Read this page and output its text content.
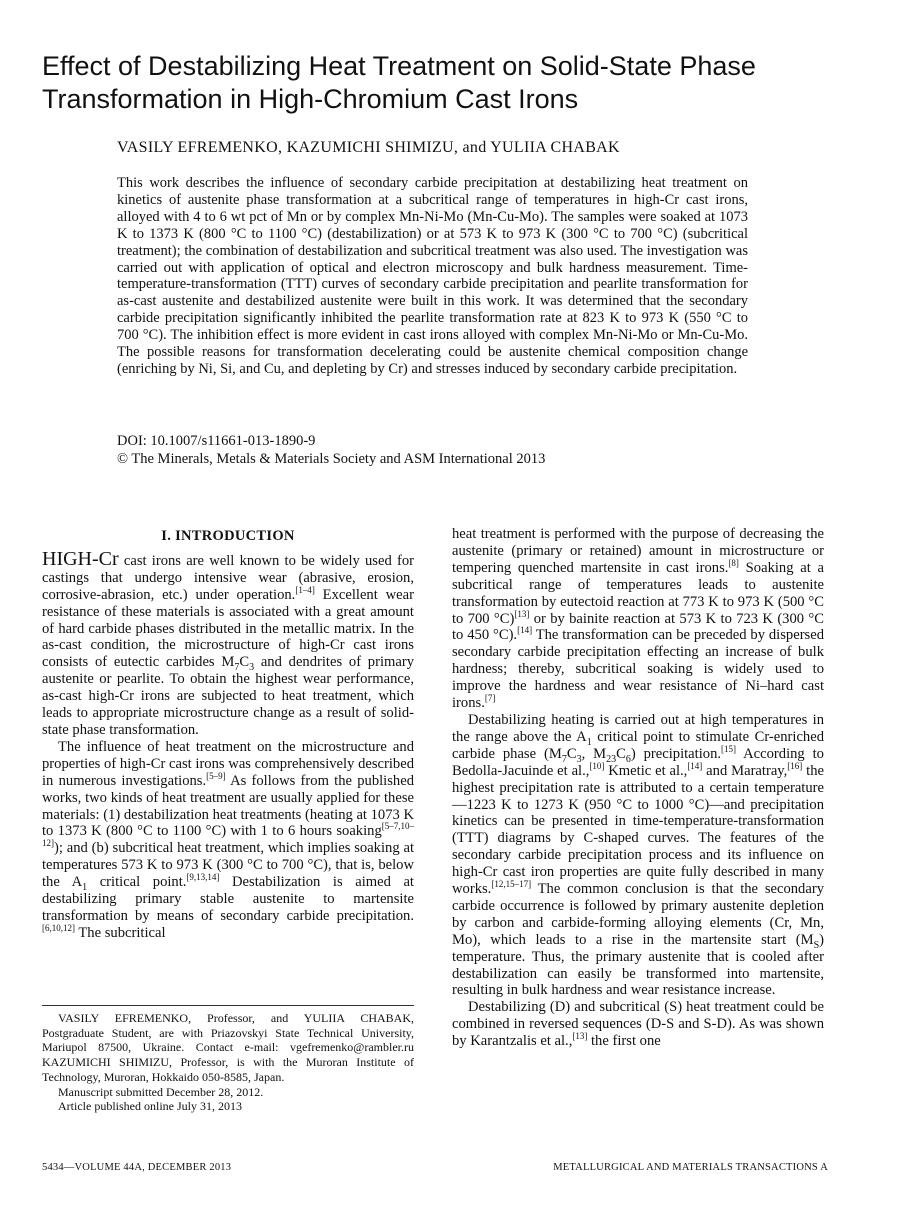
Effect of Destabilizing Heat Treatment on Solid-State Phase
Transformation in High-Chromium Cast Irons
VASILY EFREMENKO, KAZUMICHI SHIMIZU, and YULIIA CHABAK

This work describes the influence of secondary carbide precipitation at destabilizing heat treatment on kinetics of austenite phase transformation at a subcritical range of temperatures in high-Cr cast irons, alloyed with 4 to 6 wt pct of Mn or by complex Mn-Ni-Mo (Mn-Cu-Mo). The samples were soaked at 1073 K to 1373 K (800 °C to 1100 °C) (destabilization) or at 573 K to 973 K (300 °C to 700 °C) (subcritical treatment); the combination of destabilization and subcritical treatment was also used. The investigation was carried out with application of optical and electron microscopy and bulk hardness measurement. Time-temperature-transformation (TTT) curves of secondary carbide precipitation and pearlite transformation for as-cast austenite and destabilized austenite were built in this work. It was determined that the secondary carbide precipitation significantly inhibited the pearlite transformation rate at 823 K to 973 K (550 °C to 700 °C). The inhibition effect is more evident in cast irons alloyed with complex Mn-Ni-Mo or Mn-Cu-Mo. The possible reasons for transformation decelerating could be austenite chemical composition change (enriching by Ni, Si, and Cu, and depleting by Cr) and stresses induced by secondary carbide precipitation.

DOI: 10.1007/s11661-013-1890-9
© The Minerals, Metals & Materials Society and ASM International 2013
I. INTRODUCTION

HIGH-Cr cast irons are well known to be widely used for castings that undergo intensive wear (abrasive, erosion, corrosive-abrasion, etc.) under operation.[1–4] Excellent wear resistance of these materials is associated with a great amount of hard carbide phases distributed in the metallic matrix. In the as-cast condition, the microstructure of high-Cr cast irons consists of eutectic carbides $M_7C_3$ and dendrites of primary austenite or pearlite. To obtain the highest wear performance, as-cast high-Cr irons are subjected to heat treatment, which leads to appropriate microstructure change as a result of solid-state phase transformation.

The influence of heat treatment on the microstructure and properties of high-Cr cast irons was comprehensively described in numerous investigations.[5–9] As follows from the published works, two kinds of heat treatment are usually applied for these materials: (1) destabilization heat treatments (heating at 1073 K to 1373 K (800 °C to 1100 °C) with 1 to 6 hours soaking[5–7,10–12]); and (b) subcritical heat treatment, which implies soaking at temperatures 573 K to 973 K (300 °C to 700 °C), that is, below the $A_1$ critical point.[9,13,14] Destabilization is aimed at destabilizing primary stable austenite to martensite transformation by means of secondary carbide precipitation.[6,10,12] The subcritical

VASILY EFREMENKO, Professor, and YULIIA CHABAK, Postgraduate Student, are with Priazovskyi State Technical University, Mariupol 87500, Ukraine. Contact e-mail: vgefremenko@rambler.ru KAZUMICHI SHIMIZU, Professor, is with the Muroran Institute of Technology, Muroran, Hokkaido 050-8585, Japan.

Manuscript submitted December 28, 2012.

Article published online July 31, 2013

heat treatment is performed with the purpose of decreasing the austenite (primary or retained) amount in microstructure or tempering quenched martensite in cast irons.[8] Soaking at a subcritical range of temperatures leads to austenite transformation by eutectoid reaction at 773 K to 973 K (500 °C to 700 °C)[13] or by bainite reaction at 573 K to 723 K (300 °C to 450 °C).[14] The transformation can be preceded by dispersed secondary carbide precipitation effecting an increase of bulk hardness; thereby, subcritical soaking is widely used to improve the hardness and wear resistance of Ni–hard cast irons.[7]

Destabilizing heating is carried out at high temperatures in the range above the $A_1$ critical point to stimulate Cr-enriched carbide phase ($M_7C_3$, $M_{23}C_6$) precipitation.[15] According to Bedolla-Jacuinde et al.,[10] Kmetic et al.,[14] and Maratray,[16] the highest precipitation rate is attributed to a certain temperature—1223 K to 1273 K (950 °C to 1000 °C)—and precipitation kinetics can be presented in time-temperature-transformation (TTT) diagrams by C-shaped curves. The features of the secondary carbide precipitation process and its influence on high-Cr cast iron properties are quite fully described in many works.[12,15–17] The common conclusion is that the secondary carbide occurrence is followed by primary austenite depletion by carbon and carbide-forming alloying elements (Cr, Mn, Mo), which leads to a rise in the martensite start $(M_S)$ temperature. Thus, the primary austenite that is cooled after destabilization can easily be transformed into martensite, resulting in bulk hardness and wear resistance increase.

Destabilizing (D) and subcritical (S) heat treatment could be combined in reversed sequences (D-S and S-D). As was shown by Karantzalis et al.,[13] the first one

5434—VOLUME 44A, DECEMBER 2013	METALLURGICAL AND MATERIALS TRANSACTIONS A
